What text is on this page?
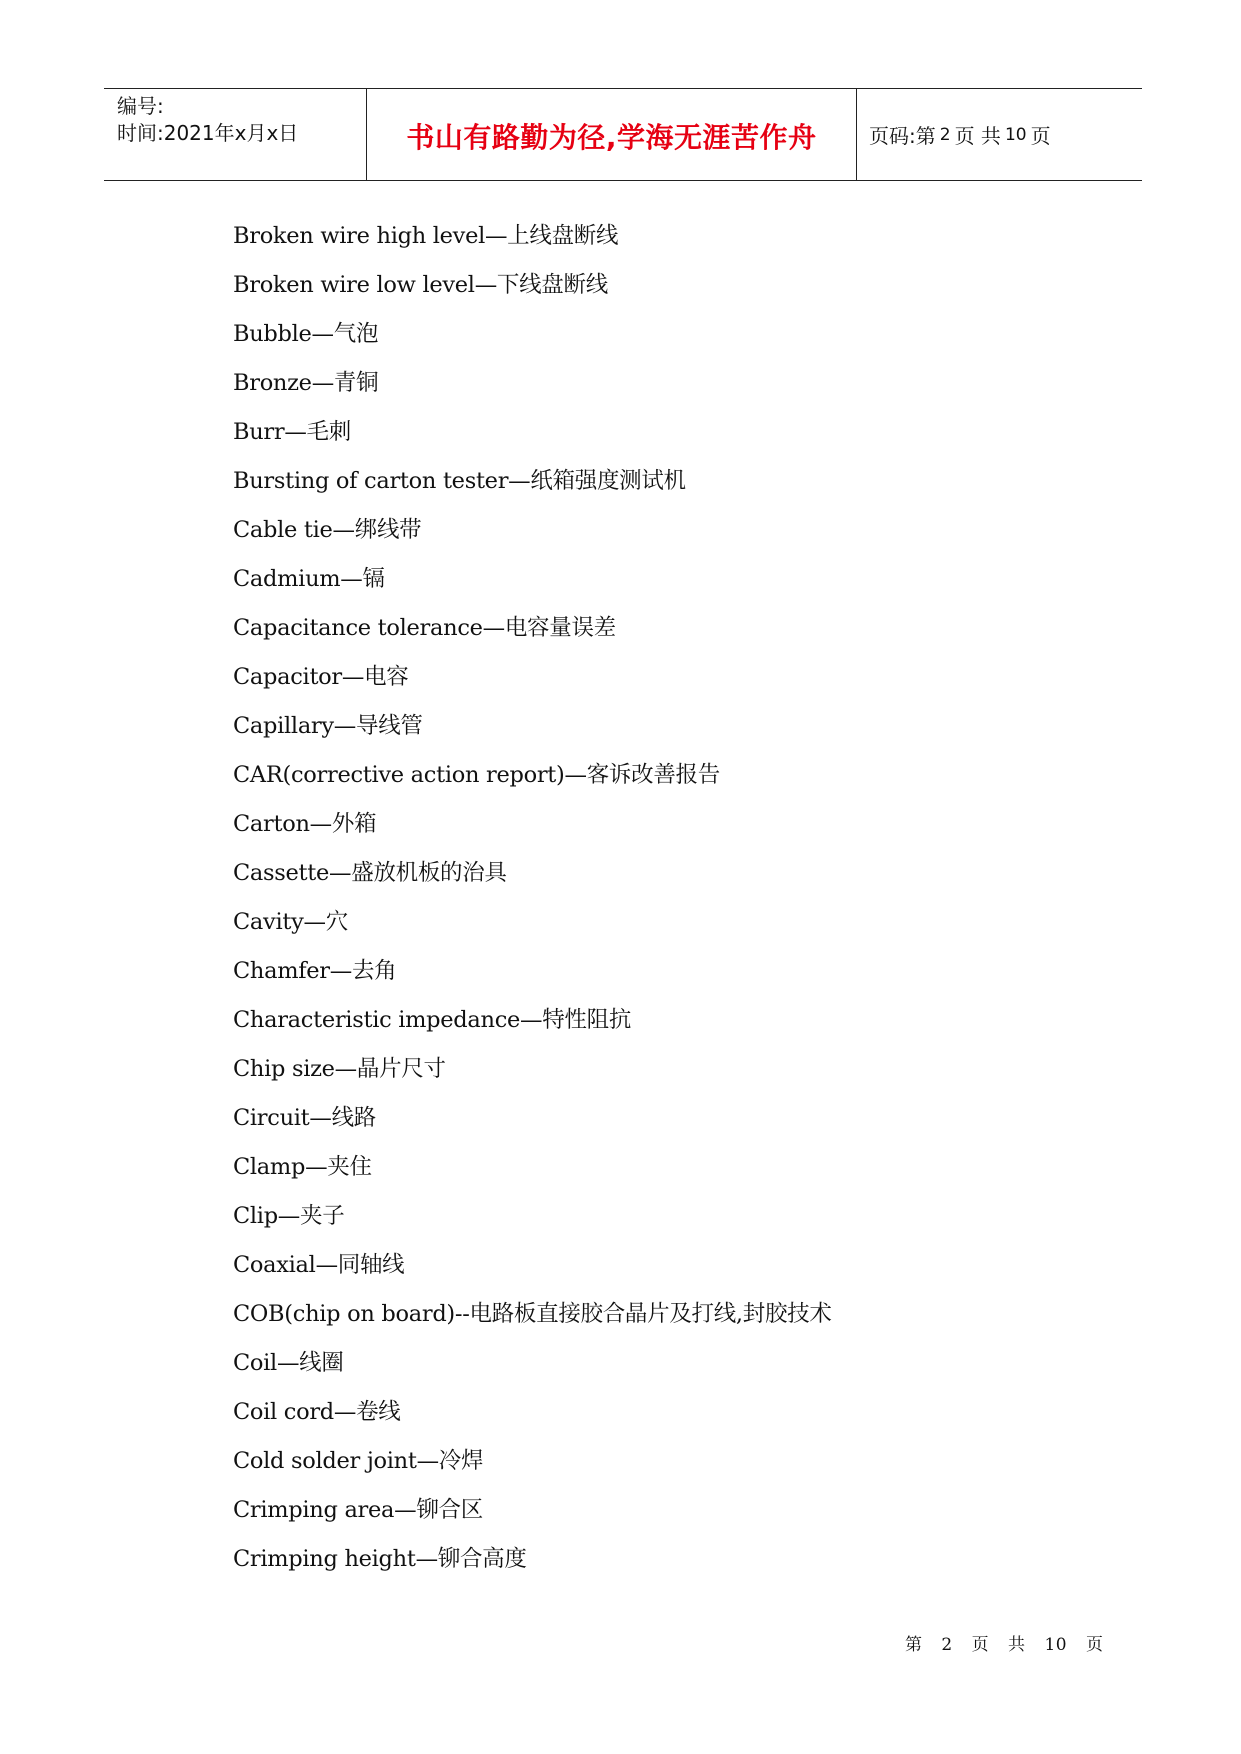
编号:
时间:2021年x月x日	书山有路勤为径,学海无涯苦作舟	页码:第 2 页 共 10 页
Broken wire high level—上线盘断线
Broken wire low level—下线盘断线
Bubble—气泡
Bronze—青铜
Burr—毛刺
Bursting of carton tester—纸箱强度测试机
Cable tie—绑线带
Cadmium—镉
Capacitance tolerance—电容量误差
Capacitor—电容
Capillary—导线管
CAR(corrective action report)—客诉改善报告
Carton—外箱
Cassette—盛放机板的治具
Cavity—穴
Chamfer—去角
Characteristic impedance—特性阻抗
Chip size—晶片尺寸
Circuit—线路
Clamp—夹住
Clip—夹子
Coaxial—同轴线
COB(chip on board)--电路板直接胶合晶片及打线,封胶技术
Coil—线圈
Coil cord—卷线
Cold solder joint—冷焊
Crimping area—铆合区
Crimping height—铆合高度
第 2 页 共 10 页
